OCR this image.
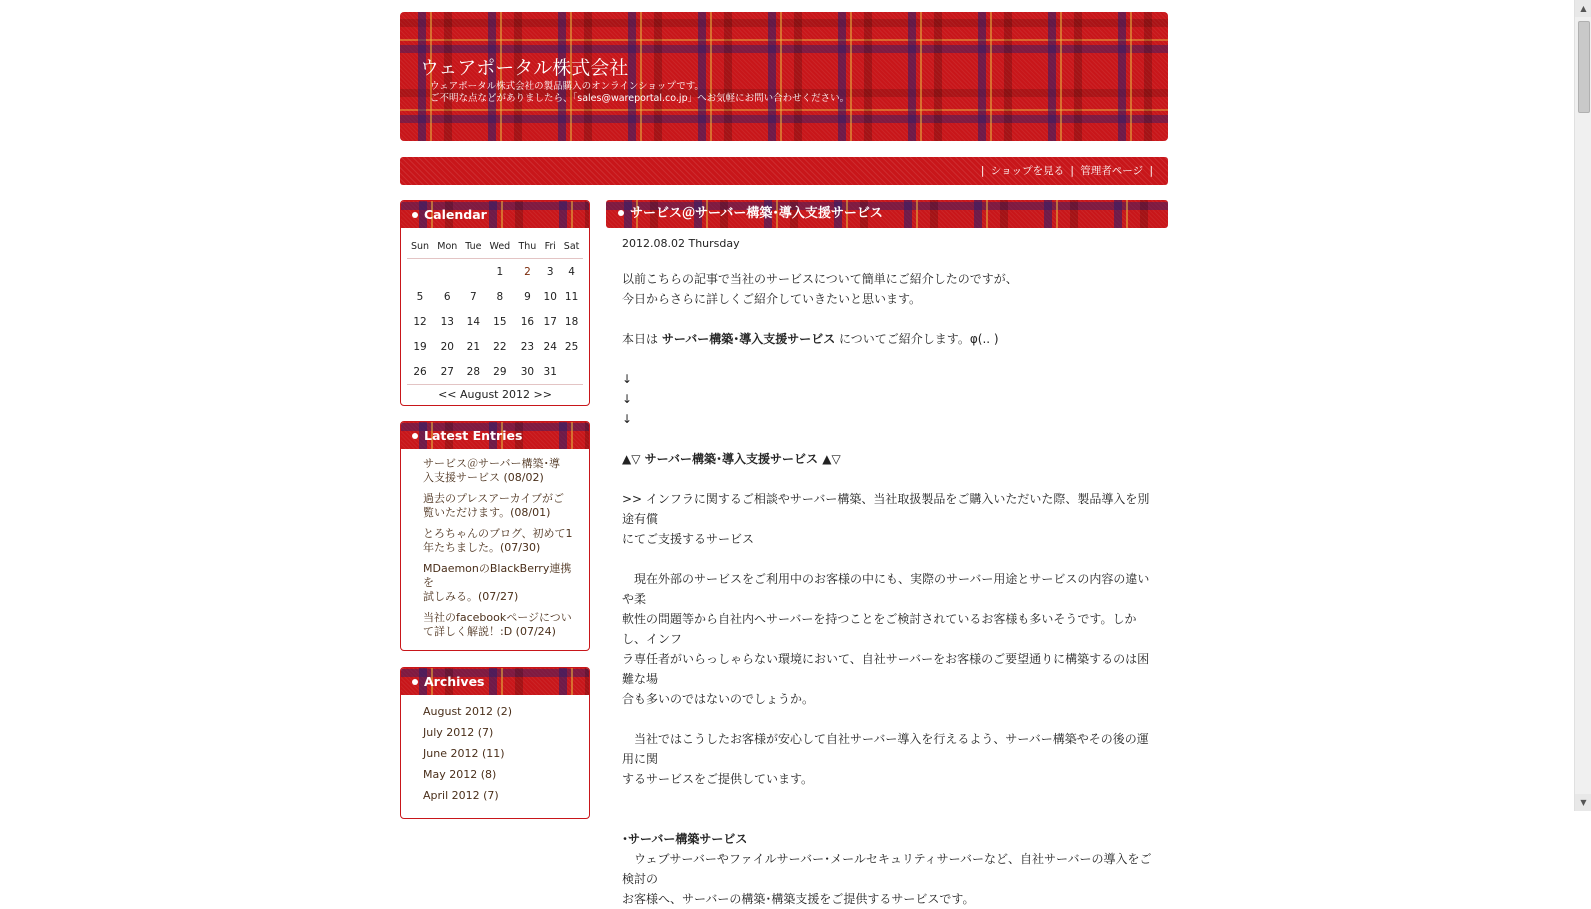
ウェアポータル株式会社
ウェアポータル株式会社の製品購入のオンラインショップです。
ご不明な点などがありましたら、「sales@wareportal.co.jp」へお気軽にお問い合わせください。
| ショップを見る | 管理者ページ |
Calendar
Sun	Mon	Tue	Wed	Thu	Fri	Sat
			1	2	3	4
5	6	7	8	9	10	11
12	13	14	15	16	17	18
19	20	21	22	23	24	25
26	27	28	29	30	31	
<< August 2012 >>
Latest Entries
サービス＠サーバー構築･導
入支援サービス (08/02)
過去のプレスアーカイブがご
覧いただけます。(08/01)
とろちゃんのブログ、初めて1
年たちました。(07/30)
MDaemonのBlackBerry連携を
試しみる。(07/27)
当社のfacebookページについ
て詳しく解説！:D (07/24)
Archives
August 2012 (2)
July 2012 (7)
June 2012 (11)
May 2012 (8)
April 2012 (7)
サービス＠サーバー構築･導入支援サービス
2012.08.02 Thursday

以前こちらの記事で当社のサービスについて簡単にご紹介したのですが、

今日からさらに詳しくご紹介していきたいと思います。

本日は サーバー構築･導入支援サービス についてご紹介します。φ(.. )

↓

↓

↓

▲▽ サーバー構築･導入支援サービス ▲▽

>> インフラに関するご相談やサーバー構築、当社取扱製品をご購入いただいた際、製品導入を別途有償

にてご支援するサービス

　現在外部のサービスをご利用中のお客様の中にも、実際のサーバー用途とサービスの内容の違いや柔

軟性の問題等から自社内へサーバーを持つことをご検討されているお客様も多いそうです。しかし、インフ

ラ専任者がいらっしゃらない環境において、自社サーバーをお客様のご要望通りに構築するのは困難な場

合も多いのではないのでしょうか。

　当社ではこうしたお客様が安心して自社サーバー導入を行えるよう、サーバー構築やその後の運用に関

するサービスをご提供しています。

･サーバー構築サービス

　ウェブサーバーやファイルサーバー･メールセキュリティサーバーなど、自社サーバーの導入をご検討の

お客様へ、サーバーの構築･構築支援をご提供するサービスです。

▲
▼
